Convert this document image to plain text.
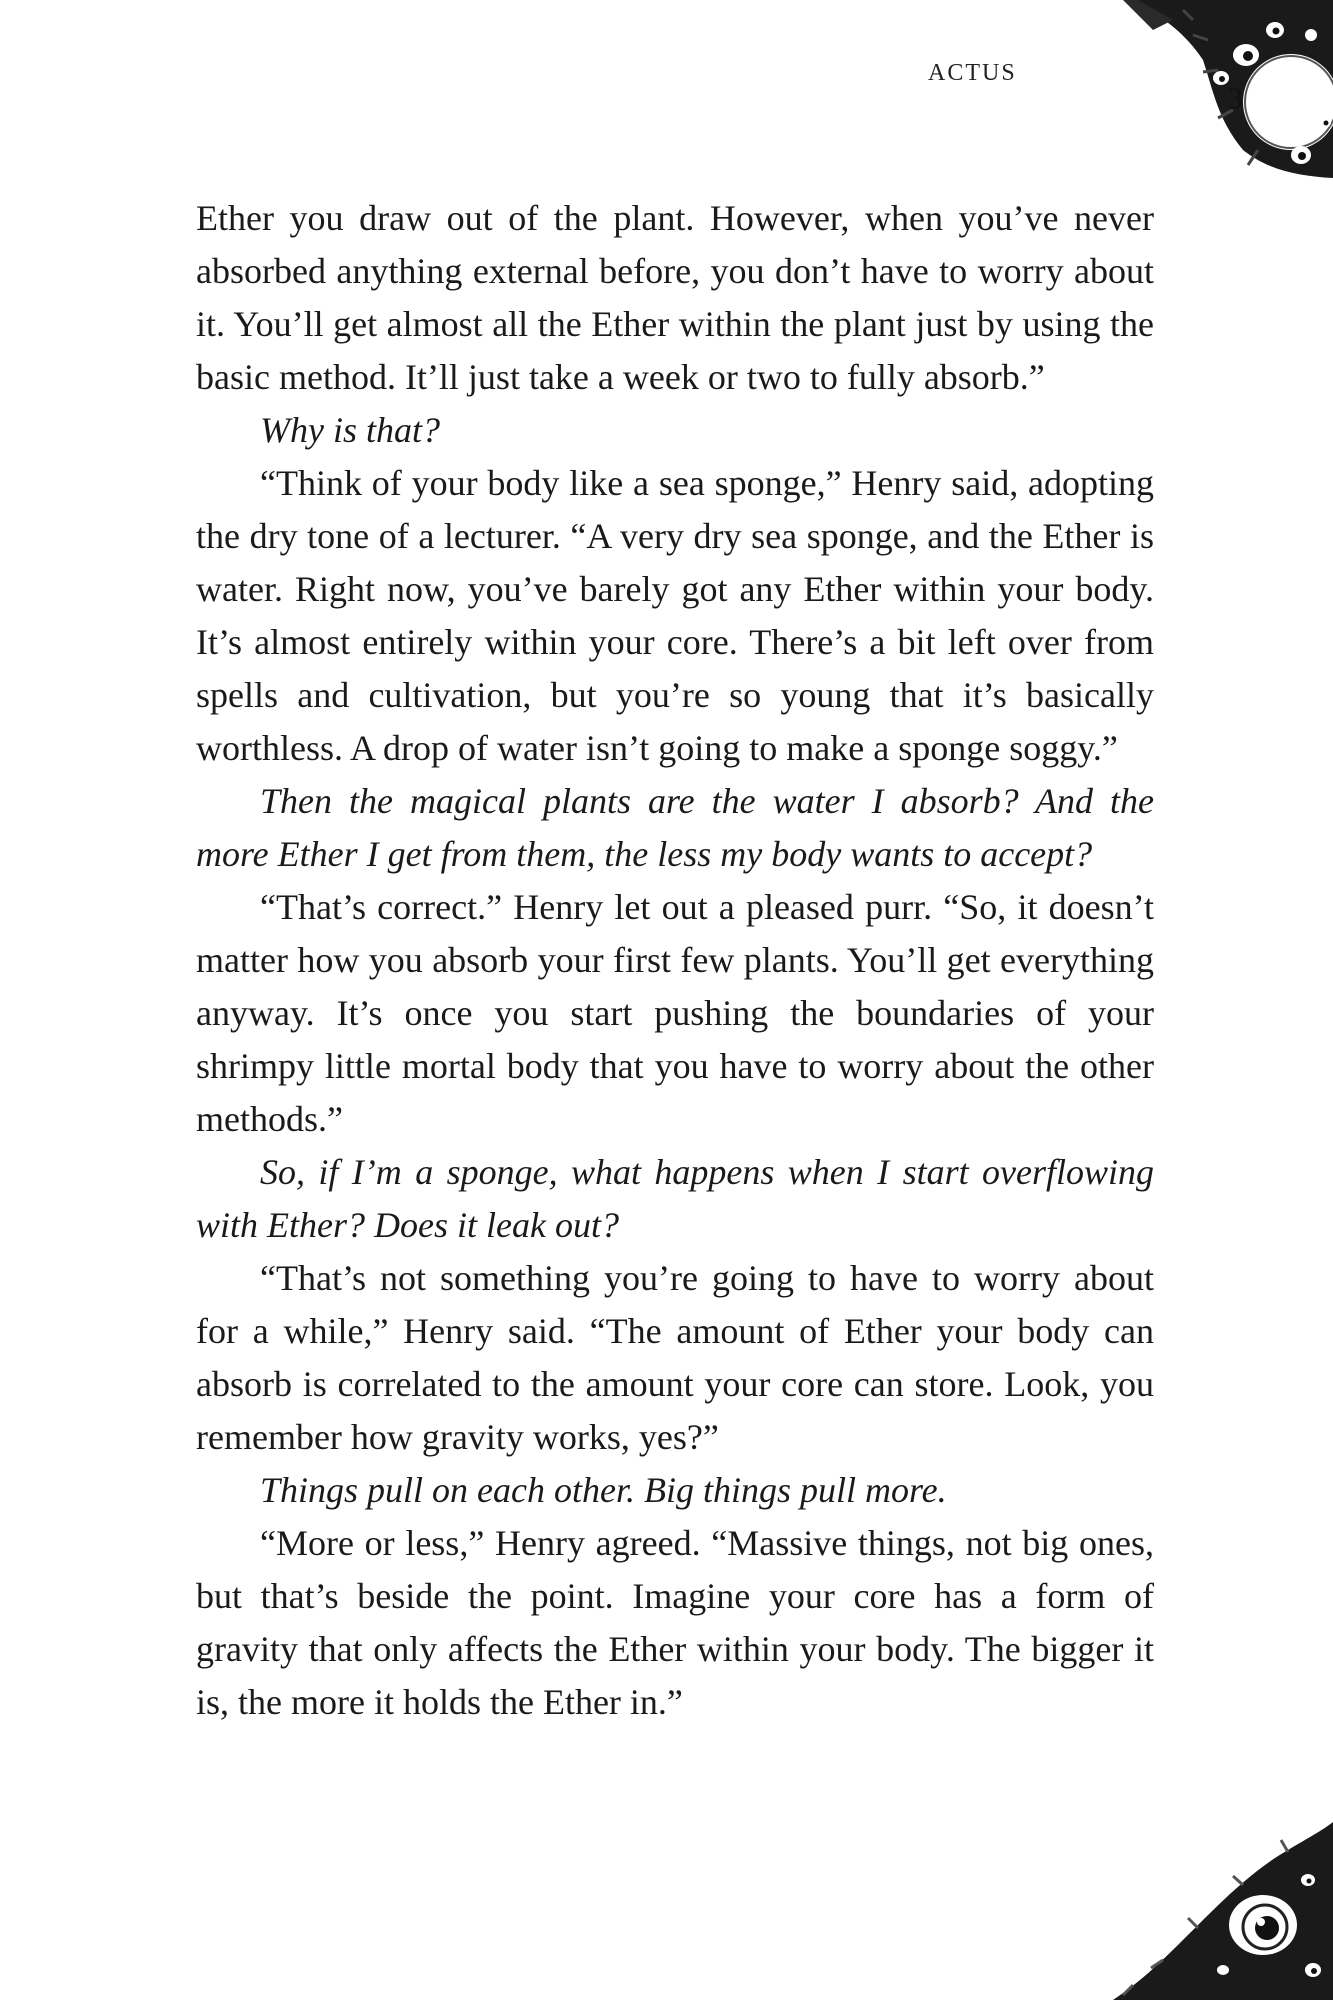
ACTUS
3

Ether you draw out of the plant. However, when you’ve never absorbed anything external before, you don’t have to worry about it. You’ll get almost all the Ether within the plant just by using the basic method. It’ll just take a week or two to fully absorb.”

Why is that?

“Think of your body like a sea sponge,” Henry said, adopting the dry tone of a lecturer. “A very dry sea sponge, and the Ether is water. Right now, you’ve barely got any Ether within your body. It’s almost entirely within your core. There’s a bit left over from spells and cultivation, but you’re so young that it’s basically worthless. A drop of water isn’t going to make a sponge soggy.”

Then the magical plants are the water I absorb? And the more Ether I get from them, the less my body wants to accept?

“That’s correct.” Henry let out a pleased purr. “So, it doesn’t matter how you absorb your first few plants. You’ll get everything anyway. It’s once you start pushing the boundaries of your shrimpy little mortal body that you have to worry about the other methods.”

So, if I’m a sponge, what happens when I start overflowing with Ether? Does it leak out?

“That’s not something you’re going to have to worry about for a while,” Henry said. “The amount of Ether your body can absorb is correlated to the amount your core can store. Look, you remember how gravity works, yes?”

Things pull on each other. Big things pull more.

“More or less,” Henry agreed. “Massive things, not big ones, but that’s beside the point. Imagine your core has a form of gravity that only affects the Ether within your body. The bigger it is, the more it holds the Ether in.”
